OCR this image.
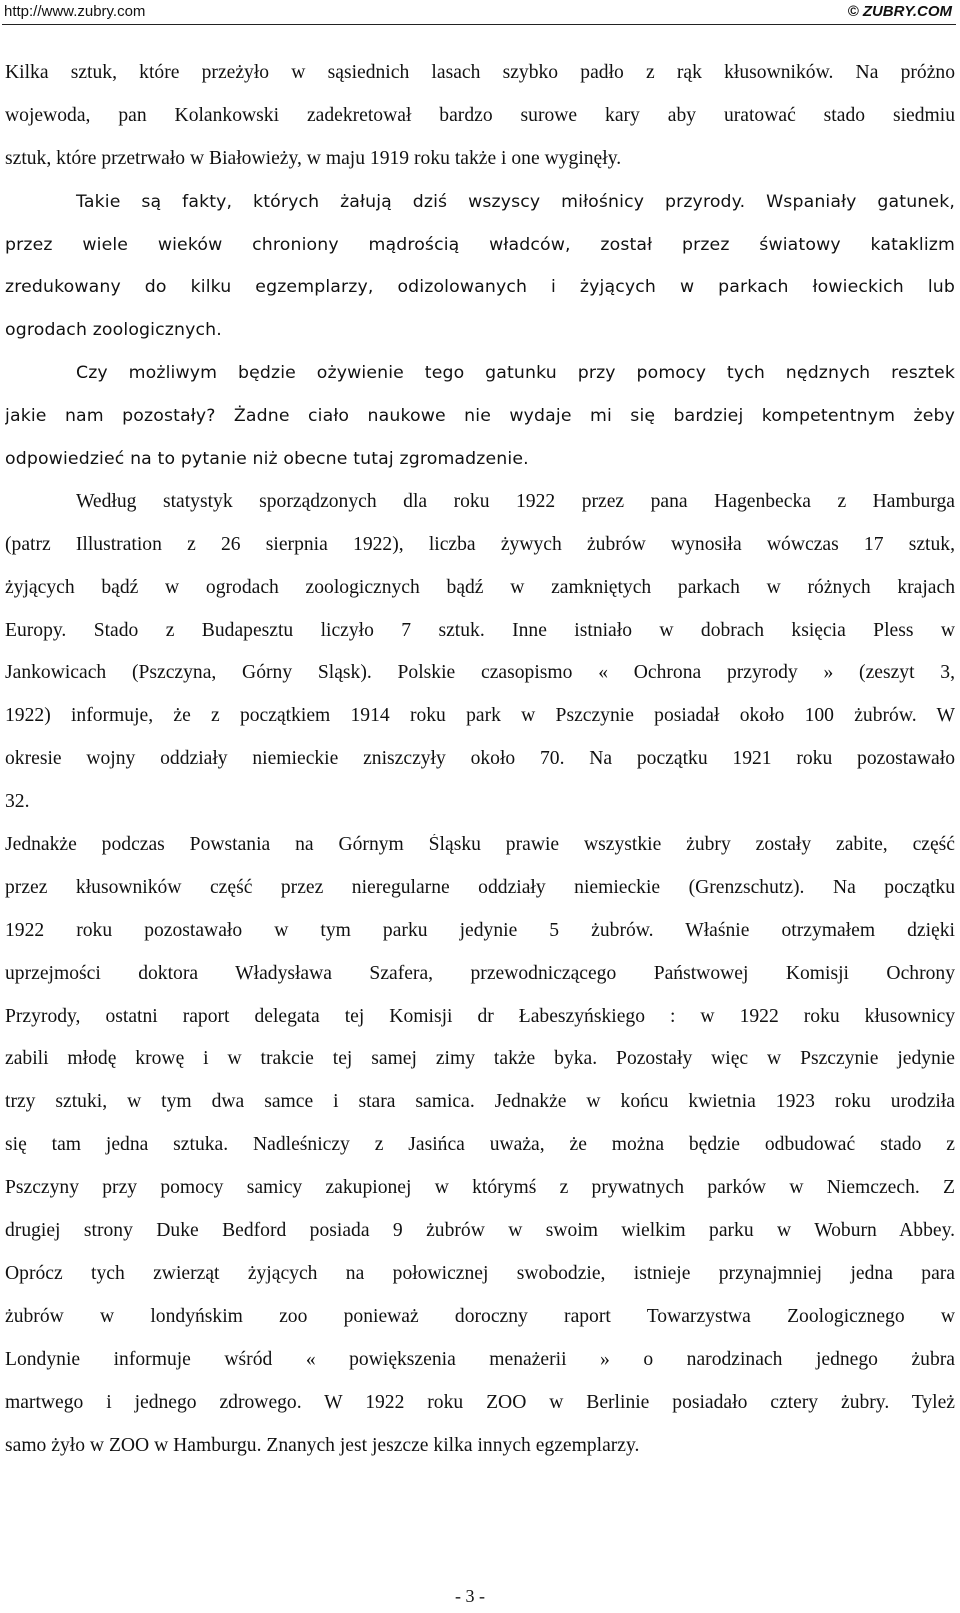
http://www.zubry.com	© ZUBRY.COM
Kilka sztuk, które przeżyło w sąsiednich lasach szybko padło z rąk kłusowników. Na próżno
wojewoda, pan Kolankowski zadekretował bardzo surowe kary aby uratować stado siedmiu
sztuk, które przetrwało w Białowieży, w maju 1919 roku także i one wyginęły.
Takie są fakty, których żałują dziś wszyscy miłośnicy przyrody. Wspaniały gatunek,
przez wiele wieków chroniony mądrością władców, został przez światowy kataklizm
zredukowany do kilku egzemplarzy, odizolowanych i żyjących w parkach łowieckich lub
ogrodach zoologicznych.
Czy możliwym będzie ożywienie tego gatunku przy pomocy tych nędznych resztek
jakie nam pozostały? Żadne ciało naukowe nie wydaje mi się bardziej kompetentnym żeby
odpowiedzieć na to pytanie niż obecne tutaj zgromadzenie.
Według statystyk sporządzonych dla roku 1922 przez pana Hagenbecka z Hamburga
(patrz Illustration z 26 sierpnia 1922), liczba żywych żubrów wynosiła wówczas 17 sztuk,
żyjących bądź w ogrodach zoologicznych bądź w zamkniętych parkach w różnych krajach
Europy. Stado z Budapesztu liczyło 7 sztuk. Inne istniało w dobrach księcia Pless w
Jankowicach (Pszczyna, Górny Sląsk). Polskie czasopismo « Ochrona przyrody » (zeszyt 3,
1922) informuje, że z początkiem 1914 roku park w Pszczynie posiadał około 100 żubrów. W
okresie wojny oddziały niemieckie zniszczyły około 70. Na początku 1921 roku pozostawało
32.
Jednakże podczas Powstania na Górnym Śląsku prawie wszystkie żubry zostały zabite, część
przez kłusowników część przez nieregularne oddziały niemieckie (Grenzschutz). Na początku
1922 roku pozostawało w tym parku jedynie 5 żubrów. Właśnie otrzymałem dzięki
uprzejmości doktora Władysława Szafera, przewodniczącego Państwowej Komisji Ochrony
Przyrody, ostatni raport delegata tej Komisji dr Łabeszyńskiego : w 1922 roku kłusownicy
zabili młodę krowę i w trakcie tej samej zimy także byka. Pozostały więc w Pszczynie jedynie
trzy sztuki, w tym dwa samce i stara samica. Jednakże w końcu kwietnia 1923 roku urodziła
się tam jedna sztuka. Nadleśniczy z Jasińca uważa, że można będzie odbudować stado z
Pszczyny przy pomocy samicy zakupionej w którymś z prywatnych parków w Niemczech. Z
drugiej strony Duke Bedford posiada 9 żubrów w swoim wielkim parku w Woburn Abbey.
Oprócz tych zwierząt żyjących na połowicznej swobodzie, istnieje przynajmniej jedna para
żubrów w londyńskim zoo ponieważ doroczny raport Towarzystwa Zoologicznego w
Londynie informuje wśród « powiększenia menażerii » o narodzinach jednego żubra
martwego i jednego zdrowego. W 1922 roku ZOO w Berlinie posiadało cztery żubry. Tyleż
samo żyło w ZOO w Hamburgu. Znanych jest jeszcze kilka innych egzemplarzy.
- 3 -
